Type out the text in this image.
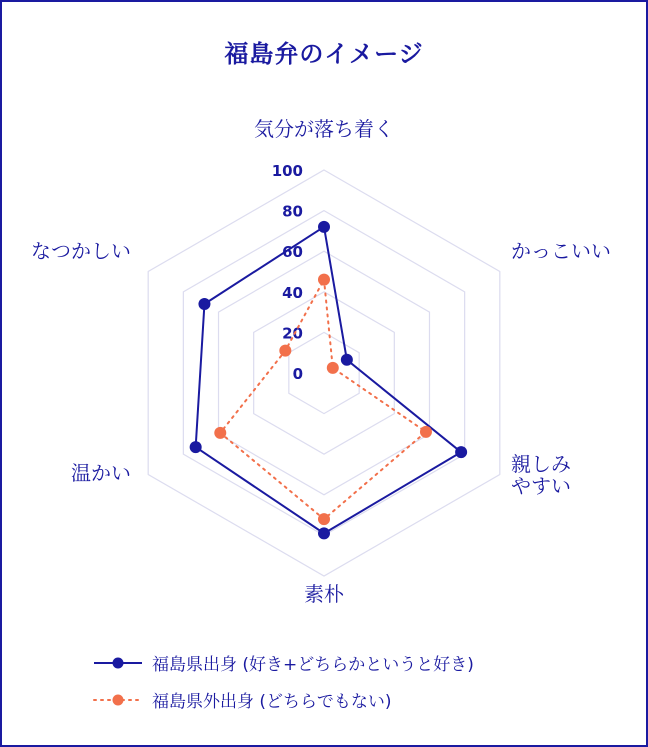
福島弁のイメージ
0
20
40
60
80
100
気分が落ち着く
かっこいい
親しみ
やすい
素朴
温かい
なつかしい
福島県出身 (好き+どちらかというと好き)
福島県外出身 (どちらでもない)
